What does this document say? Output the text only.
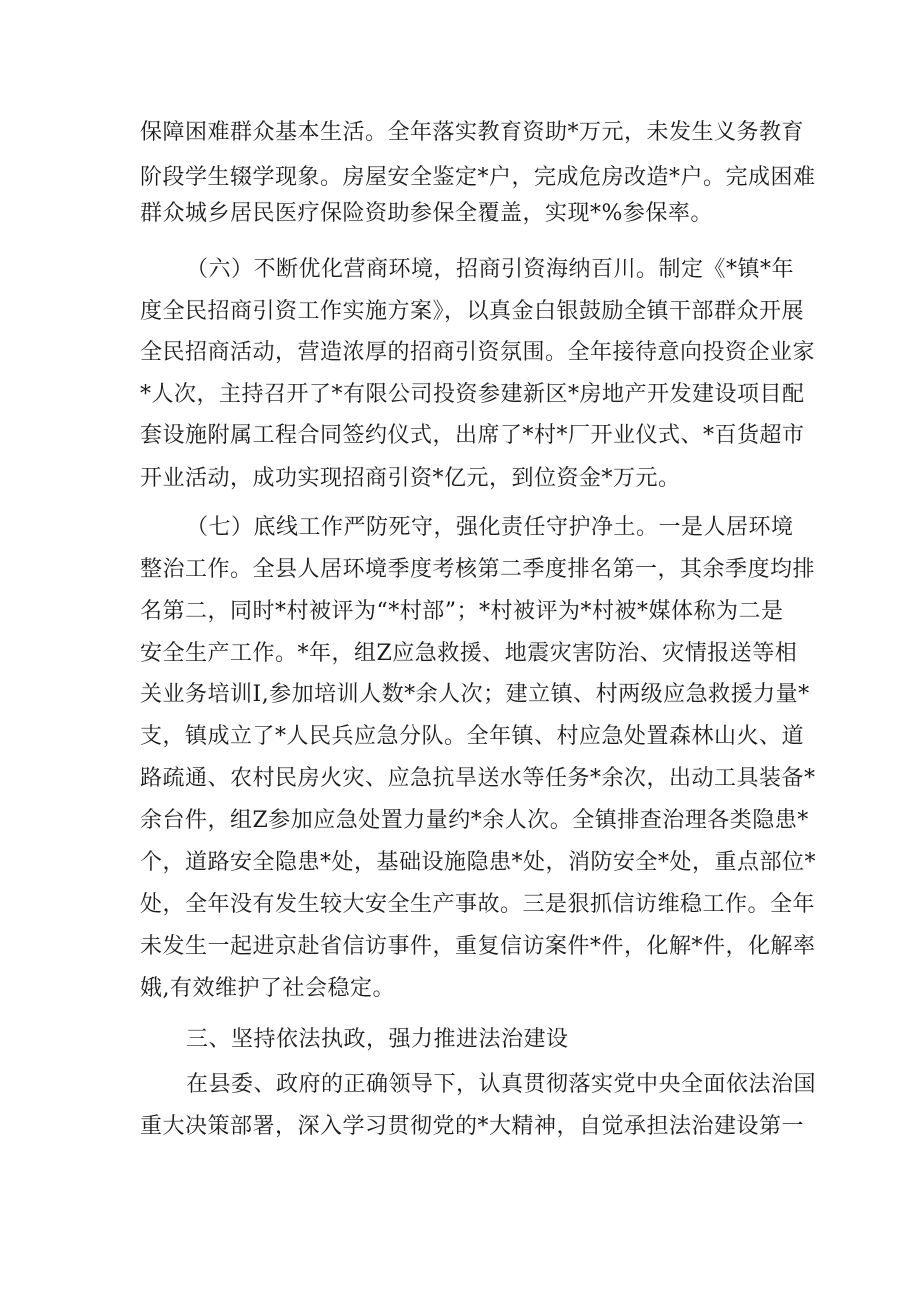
保障困难群众基本生活。全年落实教育资助*万元，未发生义务教育
阶段学生辍学现象。房屋安全鉴定*户，完成危房改造*户。完成困难
群众城乡居民医疗保险资助参保全覆盖，实现*%参保率。
（六）不断优化营商环境，招商引资海纳百川。制定《*镇*年
度全民招商引资工作实施方案》，以真金白银鼓励全镇干部群众开展
全民招商活动，营造浓厚的招商引资氛围。全年接待意向投资企业家
*人次，主持召开了*有限公司投资参建新区*房地产开发建设项目配
套设施附属工程合同签约仪式，出席了*村*厂开业仪式、*百货超市
开业活动，成功实现招商引资*亿元，到位资金*万元。
（七）底线工作严防死守，强化责任守护净土。一是人居环境
整治工作。全县人居环境季度考核第二季度排名第一，其余季度均排
名第二，同时*村被评为“*村部”；*村被评为*村被*媒体称为二是
安全生产工作。*年，组Z应急救援、地震灾害防治、灾情报送等相
关业务培训I,参加培训人数*余人次；建立镇、村两级应急救援力量*
支，镇成立了*人民兵应急分队。全年镇、村应急处置森林山火、道
路疏通、农村民房火灾、应急抗旱送水等任务*余次，出动工具装备*
余台件，组Z参加应急处置力量约*余人次。全镇排查治理各类隐患*
个，道路安全隐患*处，基础设施隐患*处，消防安全*处，重点部位*
处，全年没有发生较大安全生产事故。三是狠抓信访维稳工作。全年
未发生一起进京赴省信访事件，重复信访案件*件，化解*件，化解率
娥,有效维护了社会稳定。
三、坚持依法执政，强力推进法治建设
在县委、政府的正确领导下，认真贯彻落实党中央全面依法治国
重大决策部署，深入学习贯彻党的*大精神，自觉承担法治建设第一
